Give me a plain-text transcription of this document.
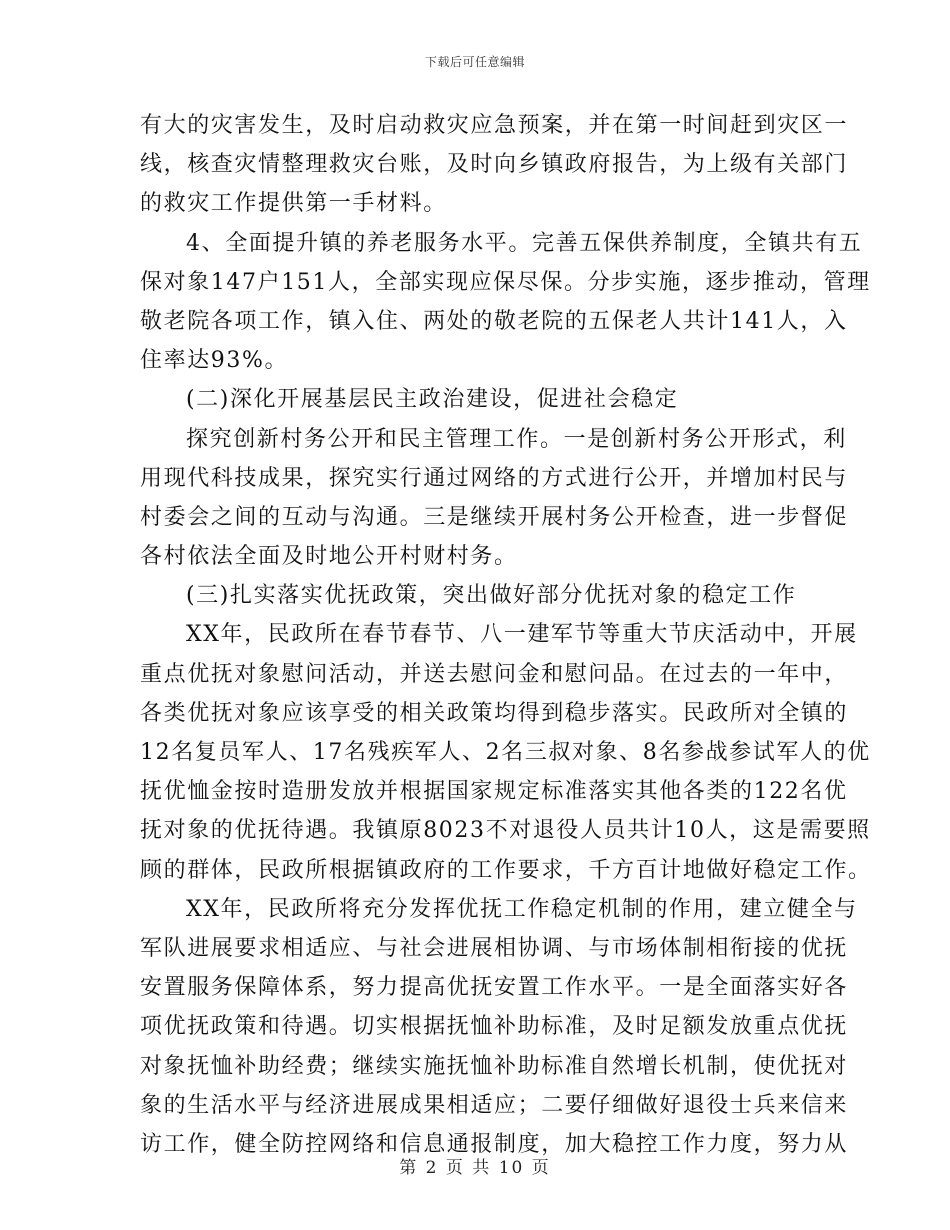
下载后可任意编辑
有大的灾害发生，及时启动救灾应急预案，并在第一时间赶到灾区一
线，核查灾情整理救灾台账，及时向乡镇政府报告，为上级有关部门
的救灾工作提供第一手材料。
4、全面提升镇的养老服务水平。完善五保供养制度，全镇共有五
保对象147户151人，全部实现应保尽保。分步实施，逐步推动，管理
敬老院各项工作，镇入住、两处的敬老院的五保老人共计141人，入
住率达93%。
(二)深化开展基层民主政治建设，促进社会稳定
探究创新村务公开和民主管理工作。一是创新村务公开形式，利
用现代科技成果，探究实行通过网络的方式进行公开，并增加村民与
村委会之间的互动与沟通。三是继续开展村务公开检查，进一步督促
各村依法全面及时地公开村财村务。
(三)扎实落实优抚政策，突出做好部分优抚对象的稳定工作
XX年，民政所在春节春节、八一建军节等重大节庆活动中，开展
重点优抚对象慰问活动，并送去慰问金和慰问品。在过去的一年中，
各类优抚对象应该享受的相关政策均得到稳步落实。民政所对全镇的
12名复员军人、17名残疾军人、2名三叔对象、8名参战参试军人的优
抚优恤金按时造册发放并根据国家规定标准落实其他各类的122名优
抚对象的优抚待遇。我镇原8023不对退役人员共计10人，这是需要照
顾的群体，民政所根据镇政府的工作要求，千方百计地做好稳定工作。
XX年，民政所将充分发挥优抚工作稳定机制的作用，建立健全与
军队进展要求相适应、与社会进展相协调、与市场体制相衔接的优抚
安置服务保障体系，努力提高优抚安置工作水平。一是全面落实好各
项优抚政策和待遇。切实根据抚恤补助标准，及时足额发放重点优抚
对象抚恤补助经费；继续实施抚恤补助标准自然增长机制，使优抚对
象的生活水平与经济进展成果相适应；二要仔细做好退役士兵来信来
访工作，健全防控网络和信息通报制度，加大稳控工作力度，努力从
第 2 页 共 10 页
